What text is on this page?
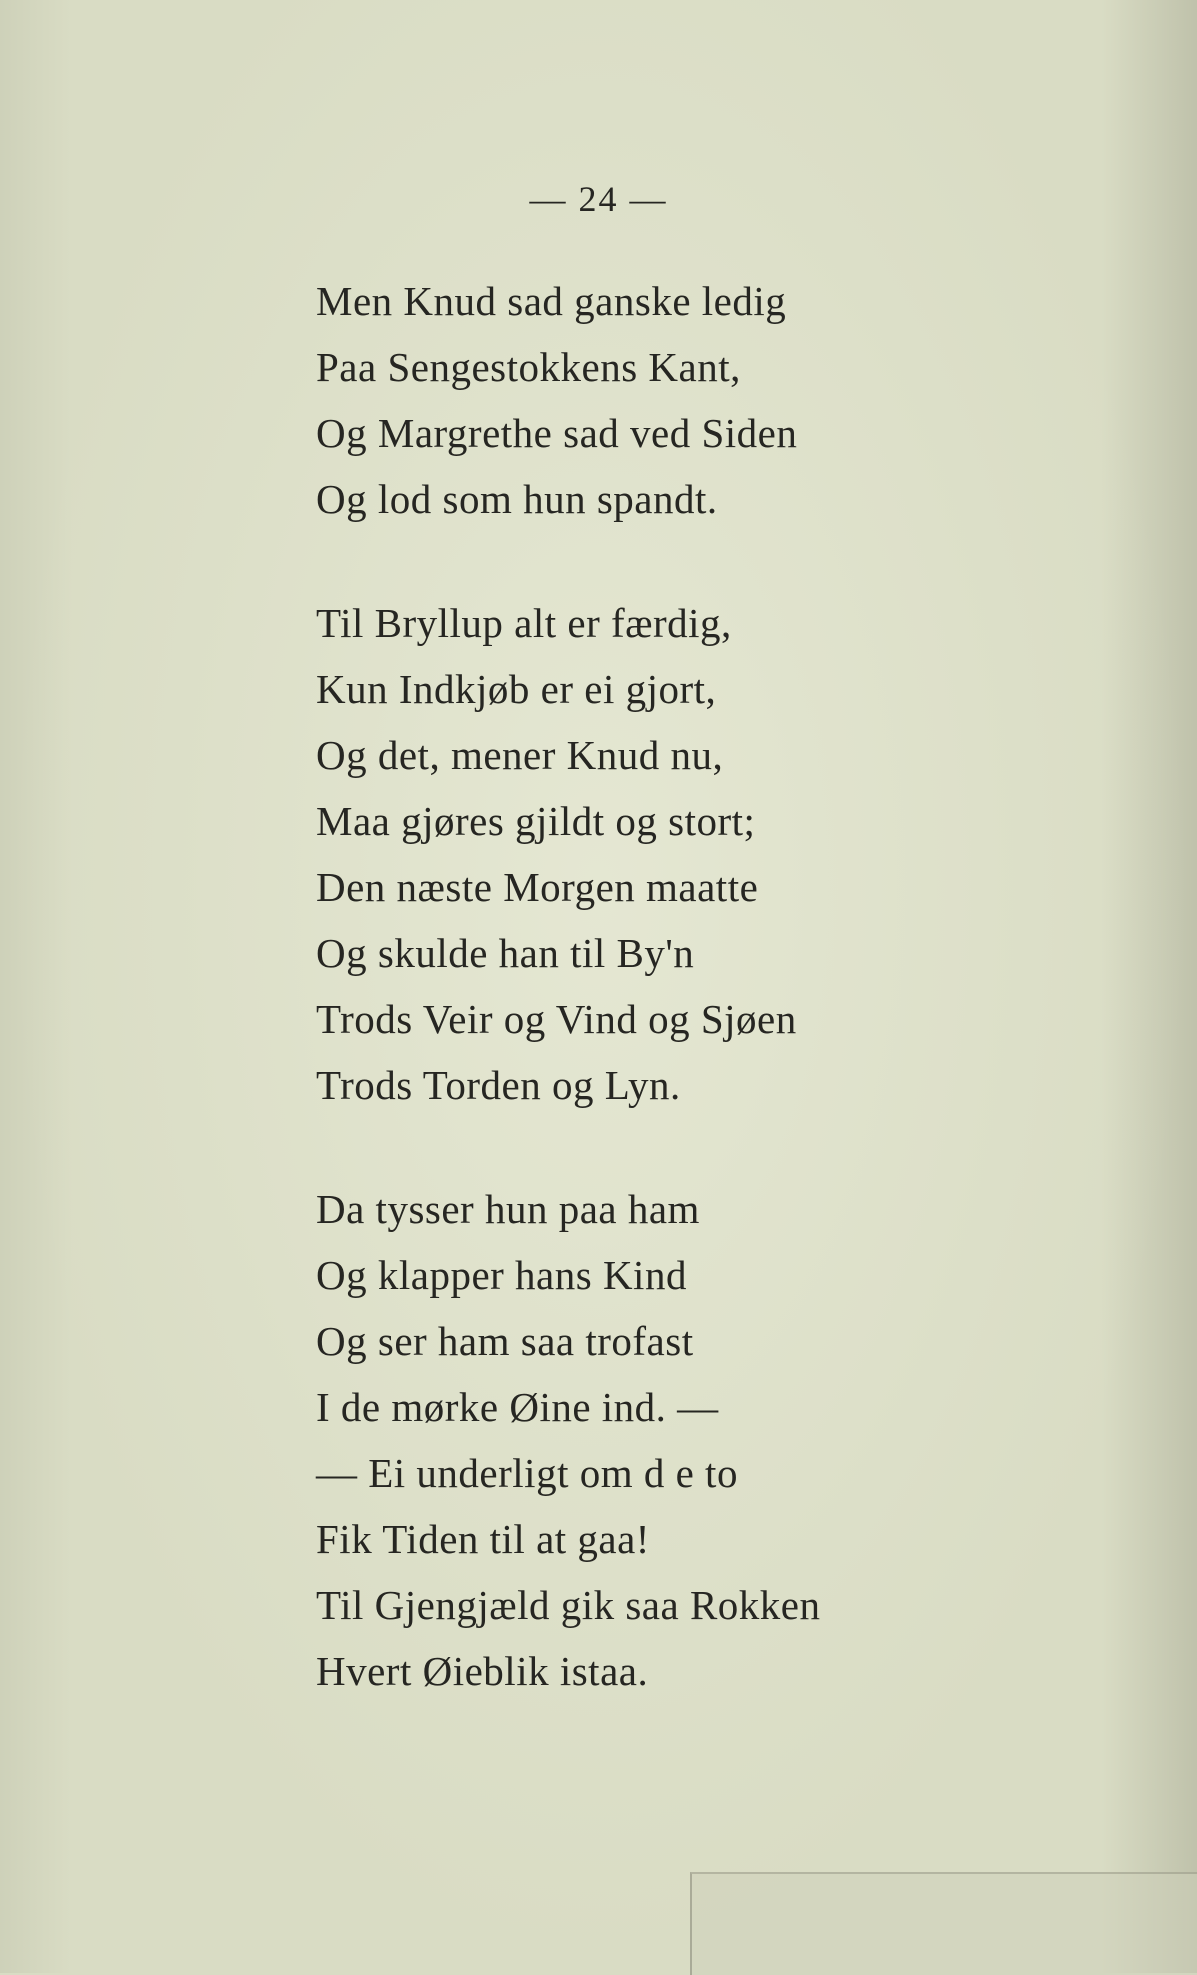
— 24 —
Men Knud sad ganske ledig
Paa Sengestokkens Kant,
Og Margrethe sad ved Siden
Og lod som hun spandt.
Til Bryllup alt er færdig,
Kun Indkjøb er ei gjort,
Og det, mener Knud nu,
Maa gjøres gjildt og stort;
Den næste Morgen maatte
Og skulde han til By'n
Trods Veir og Vind og Sjøen
Trods Torden og Lyn.
Da tysser hun paa ham
Og klapper hans Kind
Og ser ham saa trofast
I de mørke Øine ind. —
— Ei underligt om d e to
Fik Tiden til at gaa!
Til Gjengjæld gik saa Rokken
Hvert Øieblik istaa.
